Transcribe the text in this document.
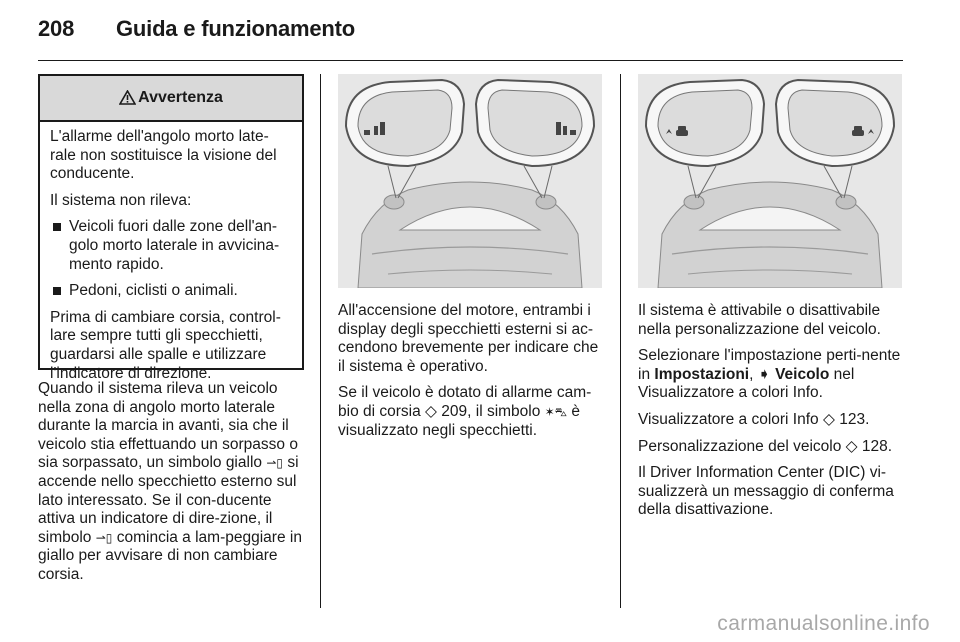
208 Guida e funzionamento
Avvertenza

L'allarme dell'angolo morto late-rale non sostituisce la visione del conducente.

Il sistema non rileva:

Veicoli fuori dalle zone dell'an-golo morto laterale in avvicina-mento rapido.
Pedoni, ciclisti o animali.

Prima di cambiare corsia, control-lare sempre tutti gli specchietti, guardarsi alle spalle e utilizzare l'indicatore di direzione.

Quando il sistema rileva un veicolo nella zona di angolo morto laterale durante la marcia in avanti, sia che il veicolo stia effettuando un sorpasso o sia sorpassato, un simbolo giallo ⇀▯ si accende nello specchietto esterno sul lato interessato. Se il con-ducente attiva un indicatore di dire-zione, il simbolo ⇀▯ comincia a lam-peggiare in giallo per avvisare di non cambiare corsia.

All'accensione del motore, entrambi i display degli specchietti esterni si ac-cendono brevemente per indicare che il sistema è operativo.

Se il veicolo è dotato di allarme cam-bio di corsia ◇ 209, il simbolo ✶⛍ è visualizzato negli specchietti.

Il sistema è attivabile o disattivabile nella personalizzazione del veicolo.

Selezionare l'impostazione perti-nente in Impostazioni, ➧ Veicolo nel Visualizzatore a colori Info.

Visualizzatore a colori Info ◇ 123.

Personalizzazione del veicolo ◇ 128.

Il Driver Information Center (DIC) vi-sualizzerà un messaggio di conferma della disattivazione.

carmanualsonline.info
